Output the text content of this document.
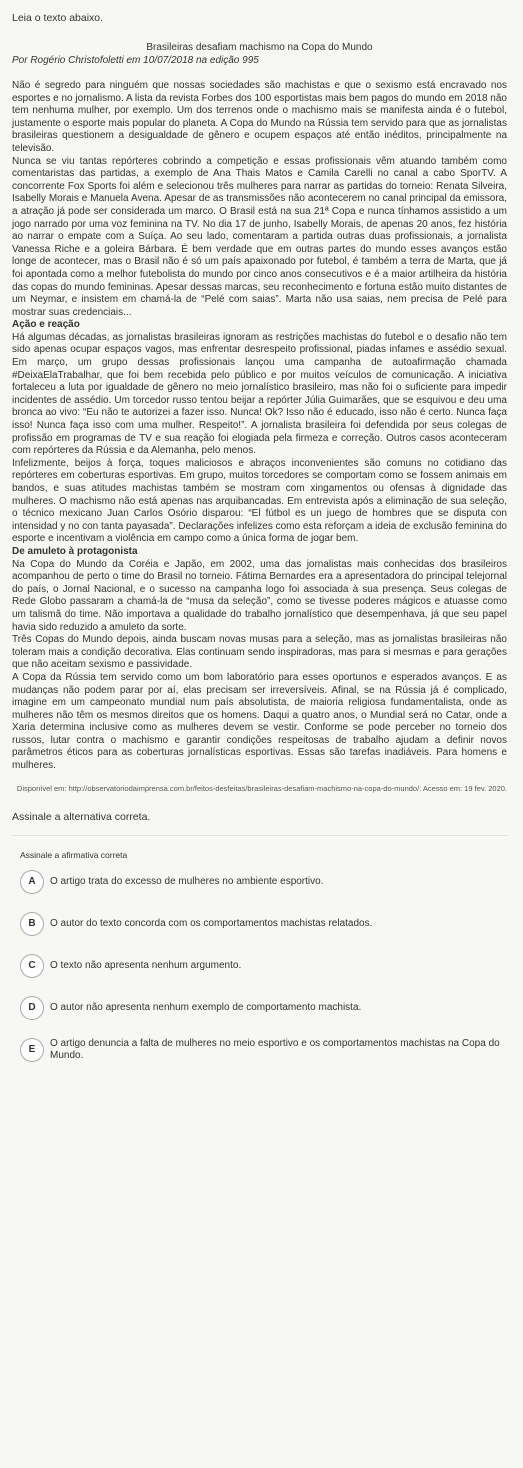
Leia o texto abaixo.

Brasileiras desafiam machismo na Copa do Mundo

Por Rogério Christofoletti em 10/07/2018 na edição 995

Não é segredo para ninguém que nossas sociedades são machistas e que o sexismo está encravado nos esportes e no jornalismo. A lista da revista Forbes dos 100 esportistas mais bem pagos do mundo em 2018 não tem nenhuma mulher, por exemplo. Um dos terrenos onde o machismo mais se manifesta ainda é o futebol, justamente o esporte mais popular do planeta. A Copa do Mundo na Rússia tem servido para que as jornalistas brasileiras questionem a desigualdade de gênero e ocupem espaços até então inéditos, principalmente na televisão.

Nunca se viu tantas repórteres cobrindo a competição e essas profissionais vêm atuando também como comentaristas das partidas, a exemplo de Ana Thais Matos e Camila Carelli no canal a cabo SporTV. A concorrente Fox Sports foi além e selecionou três mulheres para narrar as partidas do torneio: Renata Silveira, Isabelly Morais e Manuela Avena. Apesar de as transmissões não acontecerem no canal principal da emissora, a atração já pode ser considerada um marco. O Brasil está na sua 21ª Copa e nunca tínhamos assistido a um jogo narrado por uma voz feminina na TV. No dia 17 de junho, Isabelly Morais, de apenas 20 anos, fez história ao narrar o empate com a Suíça. Ao seu lado, comentaram a partida outras duas profissionais, a jornalista Vanessa Riche e a goleira Bárbara. É bem verdade que em outras partes do mundo esses avanços estão longe de acontecer, mas o Brasil não é só um país apaixonado por futebol, é também a terra de Marta, que já foi apontada como a melhor futebolista do mundo por cinco anos consecutivos e é a maior artilheira da história das copas do mundo femininas. Apesar dessas marcas, seu reconhecimento e fortuna estão muito distantes de um Neymar, e insistem em chamá-la de “Pelé com saias”. Marta não usa saias, nem precisa de Pelé para mostrar suas credenciais...

Ação e reação

Há algumas décadas, as jornalistas brasileiras ignoram as restrições machistas do futebol e o desafio não tem sido apenas ocupar espaços vagos, mas enfrentar desrespeito profissional, piadas infames e assédio sexual. Em março, um grupo dessas profissionais lançou uma campanha de autoafirmação chamada #DeixaElaTrabalhar, que foi bem recebida pelo público e por muitos veículos de comunicação. A iniciativa fortaleceu a luta por igualdade de gênero no meio jornalístico brasileiro, mas não foi o suficiente para impedir incidentes de assédio. Um torcedor russo tentou beijar a repórter Júlia Guimarães, que se esquivou e deu uma bronca ao vivo: “Eu não te autorizei a fazer isso. Nunca! Ok? Isso não é educado, isso não é certo. Nunca faça isso! Nunca faça isso com uma mulher. Respeito!”. A jornalista brasileira foi defendida por seus colegas de profissão em programas de TV e sua reação foi elogiada pela firmeza e correção. Outros casos aconteceram com repórteres da Rússia e da Alemanha, pelo menos.

Infelizmente, beijos à força, toques maliciosos e abraços inconvenientes são comuns no cotidiano das repórteres em coberturas esportivas. Em grupo, muitos torcedores se comportam como se fossem animais em bandos, e suas atitudes machistas também se mostram com xingamentos ou ofensas à dignidade das mulheres. O machismo não está apenas nas arquibancadas. Em entrevista após a eliminação de sua seleção, o técnico mexicano Juan Carlos Osório disparou: “El fútbol es un juego de hombres que se disputa con intensidad y no con tanta payasada”. Declarações infelizes como esta reforçam a ideia de exclusão feminina do esporte e incentivam a violência em campo como a única forma de jogar bem.

De amuleto à protagonista

Na Copa do Mundo da Coréia e Japão, em 2002, uma das jornalistas mais conhecidas dos brasileiros acompanhou de perto o time do Brasil no torneio. Fátima Bernardes era a apresentadora do principal telejornal do país, o Jornal Nacional, e o sucesso na campanha logo foi associada à sua presença. Seus colegas de Rede Globo passaram a chamá-la de “musa da seleção”, como se tivesse poderes mágicos e atuasse como um talismã do time. Não importava a qualidade do trabalho jornalístico que desempenhava, já que seu papel havia sido reduzido a amuleto da sorte.

Três Copas do Mundo depois, ainda buscam novas musas para a seleção, mas as jornalistas brasileiras não toleram mais a condição decorativa. Elas continuam sendo inspiradoras, mas para si mesmas e para gerações que não aceitam sexismo e passividade.

A Copa da Rússia tem servido como um bom laboratório para esses oportunos e esperados avanços. E as mudanças não podem parar por aí, elas precisam ser irreversíveis. Afinal, se na Rússia já é complicado, imagine em um campeonato mundial num país absolutista, de maioria religiosa fundamentalista, onde as mulheres não têm os mesmos direitos que os homens. Daqui a quatro anos, o Mundial será no Catar, onde a Xaria determina inclusive como as mulheres devem se vestir. Conforme se pode perceber no torneio dos russos, lutar contra o machismo e garantir condições respeitosas de trabalho ajudam a definir novos parâmetros éticos para as coberturas jornalísticas esportivas. Essas são tarefas inadiáveis. Para homens e mulheres.

Disponível em: http://observatoriodaimprensa.com.br/feitos-desfeitas/brasileiras-desafiam-machismo-na-copa-do-mundo/. Acesso em: 19 fev. 2020.

Assinale a alternativa correta.

Assinale a afirmativa correta

A	O artigo trata do excesso de mulheres no ambiente esportivo.
B	O autor do texto concorda com os comportamentos machistas relatados.
C	O texto não apresenta nenhum argumento.
D	O autor não apresenta nenhum exemplo de comportamento machista.
E
O artigo denuncia a falta de mulheres no meio esportivo e os comportamentos machistas na Copa do Mundo.
